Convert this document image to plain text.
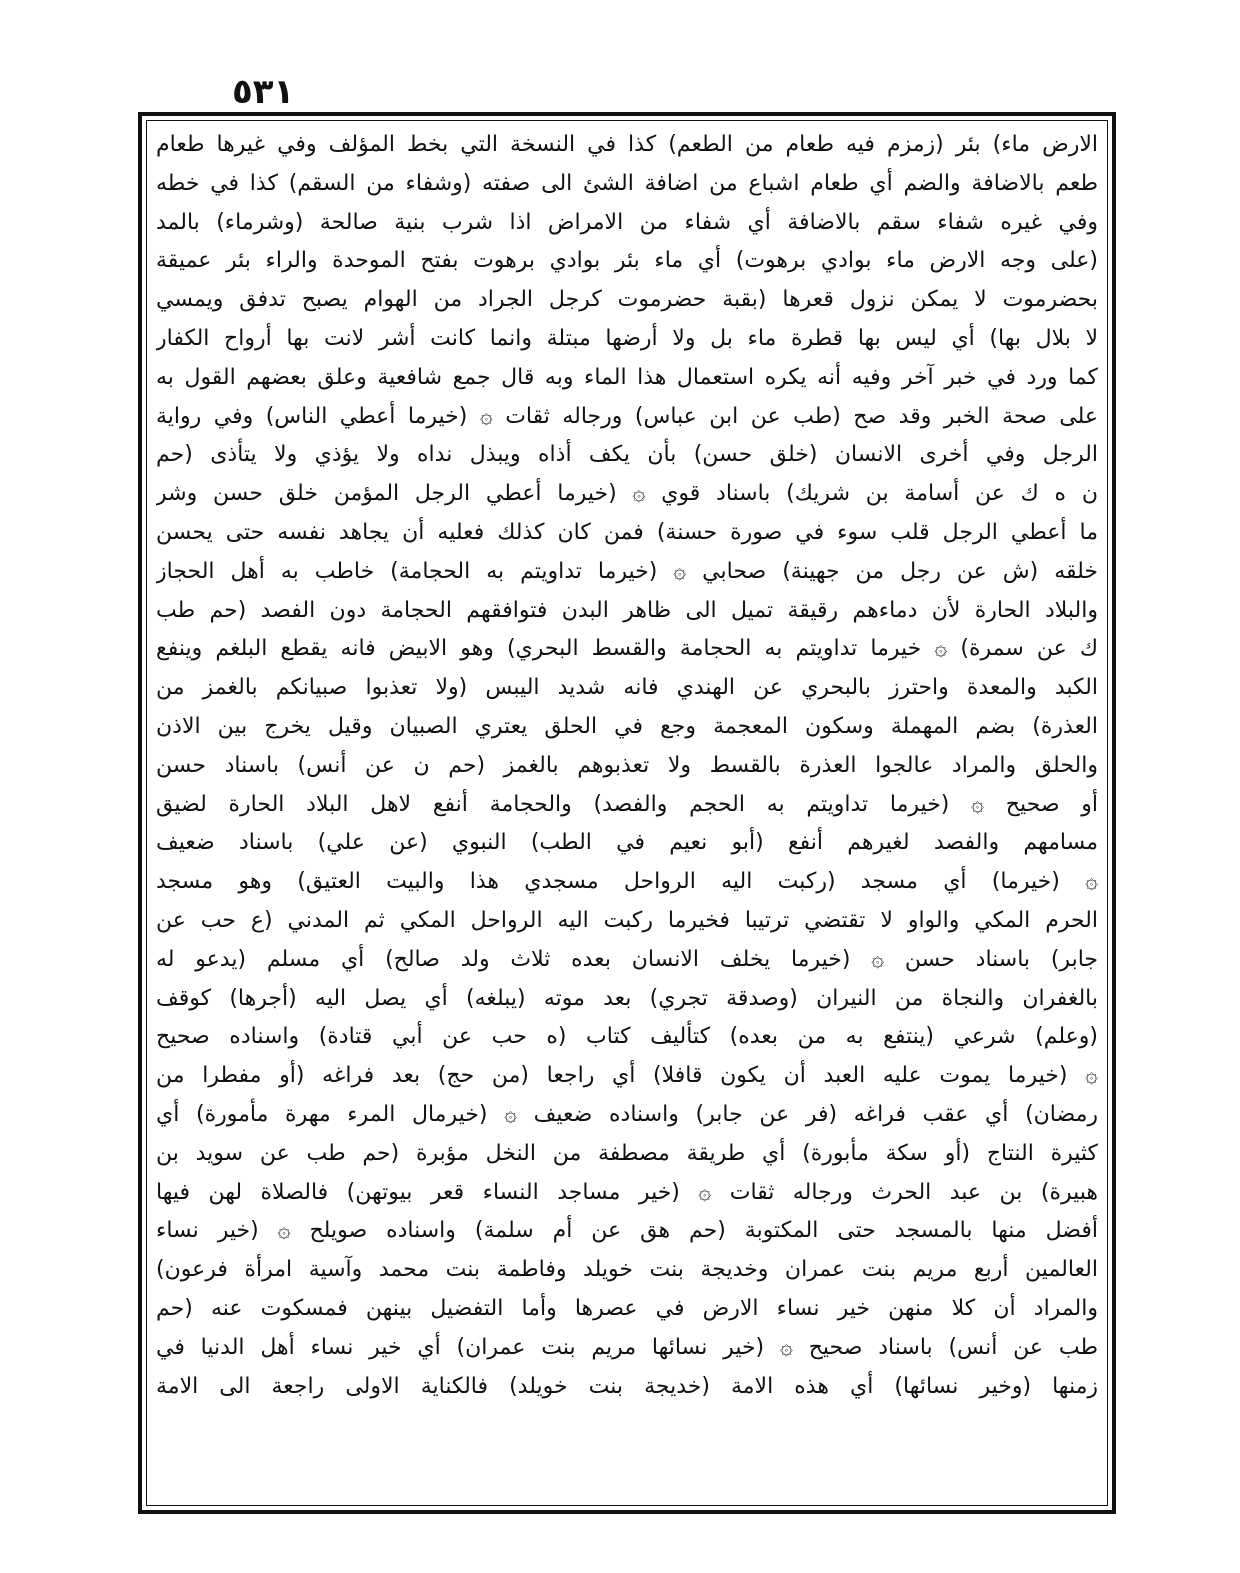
٥٣١
الارض ماء) بئر (زمزم فيه طعام من الطعم) كذا في النسخة التي بخط المؤلف وفي غيرها طعام
طعم بالاضافة والضم أي طعام اشباع من اضافة الشئ الى صفته (وشفاء من السقم) كذا في خطه
وفي غيره شفاء سقم بالاضافة أي شفاء من الامراض اذا شرب بنية صالحة (وشرماء) بالمد
(على وجه الارض ماء بوادي برهوت) أي ماء بئر بوادي برهوت بفتح الموحدة والراء بئر عميقة
بحضرموت لا يمكن نزول قعرها (بقبة حضرموت كرجل الجراد من الهوام يصبح تدفق ويمسي
لا بلال بها) أي ليس بها قطرة ماء بل ولا أرضها مبتلة وانما كانت أشر لانت بها أرواح الكفار
كما ورد في خبر آخر وفيه أنه يكره استعمال هذا الماء وبه قال جمع شافعية وعلق بعضهم القول به
على صحة الخبر وقد صح (طب عن ابن عباس) ورجاله ثقات ۞ (خيرما أعطي الناس) وفي رواية
الرجل وفي أخرى الانسان (خلق حسن) بأن يكف أذاه ويبذل نداه ولا يؤذي ولا يتأذى (حم
ن ه ك عن أسامة بن شريك) باسناد قوي ۞ (خيرما أعطي الرجل المؤمن خلق حسن وشر
ما أعطي الرجل قلب سوء في صورة حسنة) فمن كان كذلك فعليه أن يجاهد نفسه حتى يحسن
خلقه (ش عن رجل من جهينة) صحابي ۞ (خيرما تداويتم به الحجامة) خاطب به أهل الحجاز
والبلاد الحارة لأن دماءهم رقيقة تميل الى ظاهر البدن فتوافقهم الحجامة دون الفصد (حم طب
ك عن سمرة) ۞ خيرما تداويتم به الحجامة والقسط البحري) وهو الابيض فانه يقطع البلغم وينفع
الكبد والمعدة واحترز بالبحري عن الهندي فانه شديد اليبس (ولا تعذبوا صبيانكم بالغمز من
العذرة) بضم المهملة وسكون المعجمة وجع في الحلق يعتري الصبيان وقيل يخرج بين الاذن
والحلق والمراد عالجوا العذرة بالقسط ولا تعذبوهم بالغمز (حم ن عن أنس) باسناد حسن
أو صحيح ۞ (خيرما تداويتم به الحجم والفصد) والحجامة أنفع لاهل البلاد الحارة لضيق
مسامهم والفصد لغيرهم أنفع (أبو نعيم في الطب) النبوي (عن علي) باسناد ضعيف
۞ (خيرما) أي مسجد (ركبت اليه الرواحل مسجدي هذا والبيت العتيق) وهو مسجد
الحرم المكي والواو لا تقتضي ترتيبا فخيرما ركبت اليه الرواحل المكي ثم المدني (ع حب عن
جابر) باسناد حسن ۞ (خيرما يخلف الانسان بعده ثلاث ولد صالح) أي مسلم (يدعو له
بالغفران والنجاة من النيران (وصدقة تجري) بعد موته (يبلغه) أي يصل اليه (أجرها) كوقف
(وعلم) شرعي (ينتفع به من بعده) كتأليف كتاب (ه حب عن أبي قتادة) واسناده صحيح
۞ (خيرما يموت عليه العبد أن يكون قافلا) أي راجعا (من حج) بعد فراغه (أو مفطرا من
رمضان) أي عقب فراغه (فر عن جابر) واسناده ضعيف ۞ (خيرمال المرء مهرة مأمورة) أي
كثيرة النتاج (أو سكة مأبورة) أي طريقة مصطفة من النخل مؤبرة (حم طب عن سويد بن
هبيرة) بن عبد الحرث ورجاله ثقات ۞ (خير مساجد النساء قعر بيوتهن) فالصلاة لهن فيها
أفضل منها بالمسجد حتى المكتوبة (حم هق عن أم سلمة) واسناده صويلح ۞ (خير نساء
العالمين أربع مريم بنت عمران وخديجة بنت خويلد وفاطمة بنت محمد وآسية امرأة فرعون)
والمراد أن كلا منهن خير نساء الارض في عصرها وأما التفضيل بينهن فمسكوت عنه (حم
طب عن أنس) باسناد صحيح ۞ (خير نسائها مريم بنت عمران) أي خير نساء أهل الدنيا في
زمنها (وخير نسائها) أي هذه الامة (خديجة بنت خويلد) فالكناية الاولى راجعة الى الامة
